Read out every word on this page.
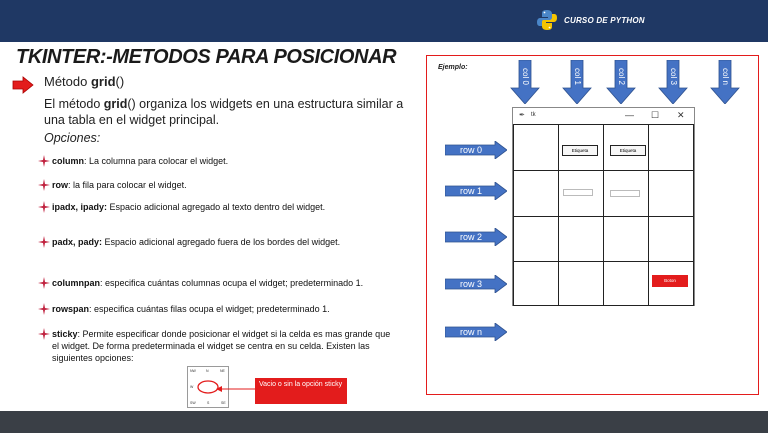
CURSO DE PYTHON
TKINTER:-METODOS PARA POSICIONAR
Método grid()
El método grid() organiza los widgets en una estructura similar a una tabla en el widget principal.
Opciones:
column: La columna para colocar el widget.
row: la fila para colocar el widget.
ipadx, ipady: Espacio adicional agregado al texto dentro del widget.
padx, pady: Espacio adicional agregado fuera de los bordes del widget.
columnpan: especifica cuántas columnas ocupa el widget; predeterminado 1.
rowspan: especifica cuántas filas ocupa el widget; predeterminado 1.
sticky: Permite especificar donde posicionar el widget si la celda es mas grande que el widget. De forma predeterminada el widget se centra en su celda. Existen las siguientes opciones:
NW	N	NE
W
SW	S	SE
Vacio o sin la opción sticky
Ejemplo:
col 0	col 1	col 2	col 3	col n
row 0
row 1
row 2
row 3
row n
✒ tk	— ☐ ✕
Etiqueta	Etiqueta
Boton
